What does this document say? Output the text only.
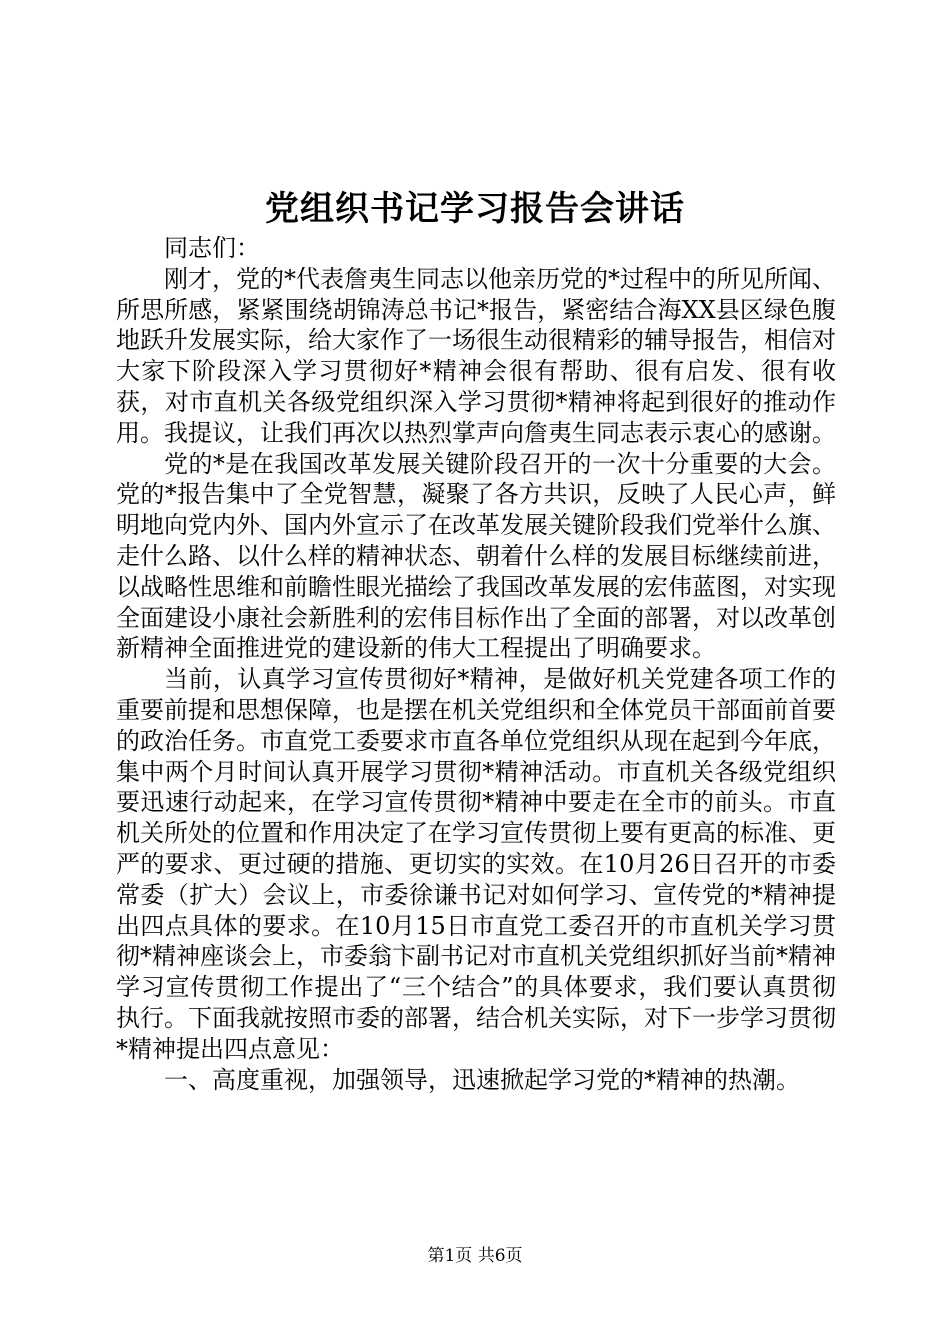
党组织书记学习报告会讲话

同志们：

刚才，党的*代表詹夷生同志以他亲历党的*过程中的所见所闻、所思所感，紧紧围绕胡锦涛总书记*报告，紧密结合海XX县区绿色腹地跃升发展实际，给大家作了一场很生动很精彩的辅导报告，相信对大家下阶段深入学习贯彻好*精神会很有帮助、很有启发、很有收获，对市直机关各级党组织深入学习贯彻*精神将起到很好的推动作用。我提议，让我们再次以热烈掌声向詹夷生同志表示衷心的感谢。

党的*是在我国改革发展关键阶段召开的一次十分重要的大会。党的*报告集中了全党智慧，凝聚了各方共识，反映了人民心声，鲜明地向党内外、国内外宣示了在改革发展关键阶段我们党举什么旗、走什么路、以什么样的精神状态、朝着什么样的发展目标继续前进，以战略性思维和前瞻性眼光描绘了我国改革发展的宏伟蓝图，对实现全面建设小康社会新胜利的宏伟目标作出了全面的部署，对以改革创新精神全面推进党的建设新的伟大工程提出了明确要求。

当前，认真学习宣传贯彻好*精神，是做好机关党建各项工作的重要前提和思想保障，也是摆在机关党组织和全体党员干部面前首要的政治任务。市直党工委要求市直各单位党组织从现在起到今年底，集中两个月时间认真开展学习贯彻*精神活动。市直机关各级党组织要迅速行动起来，在学习宣传贯彻*精神中要走在全市的前头。市直机关所处的位置和作用决定了在学习宣传贯彻上要有更高的标准、更严的要求、更过硬的措施、更切实的实效。在10月26日召开的市委常委（扩大）会议上，市委徐谦书记对如何学习、宣传党的*精神提出四点具体的要求。在10月15日市直党工委召开的市直机关学习贯彻*精神座谈会上，市委翁卞副书记对市直机关党组织抓好当前*精神学习宣传贯彻工作提出了“三个结合”的具体要求，我们要认真贯彻执行。下面我就按照市委的部署，结合机关实际，对下一步学习贯彻*精神提出四点意见：

一、高度重视，加强领导，迅速掀起学习党的*精神的热潮。

第1页 共6页
